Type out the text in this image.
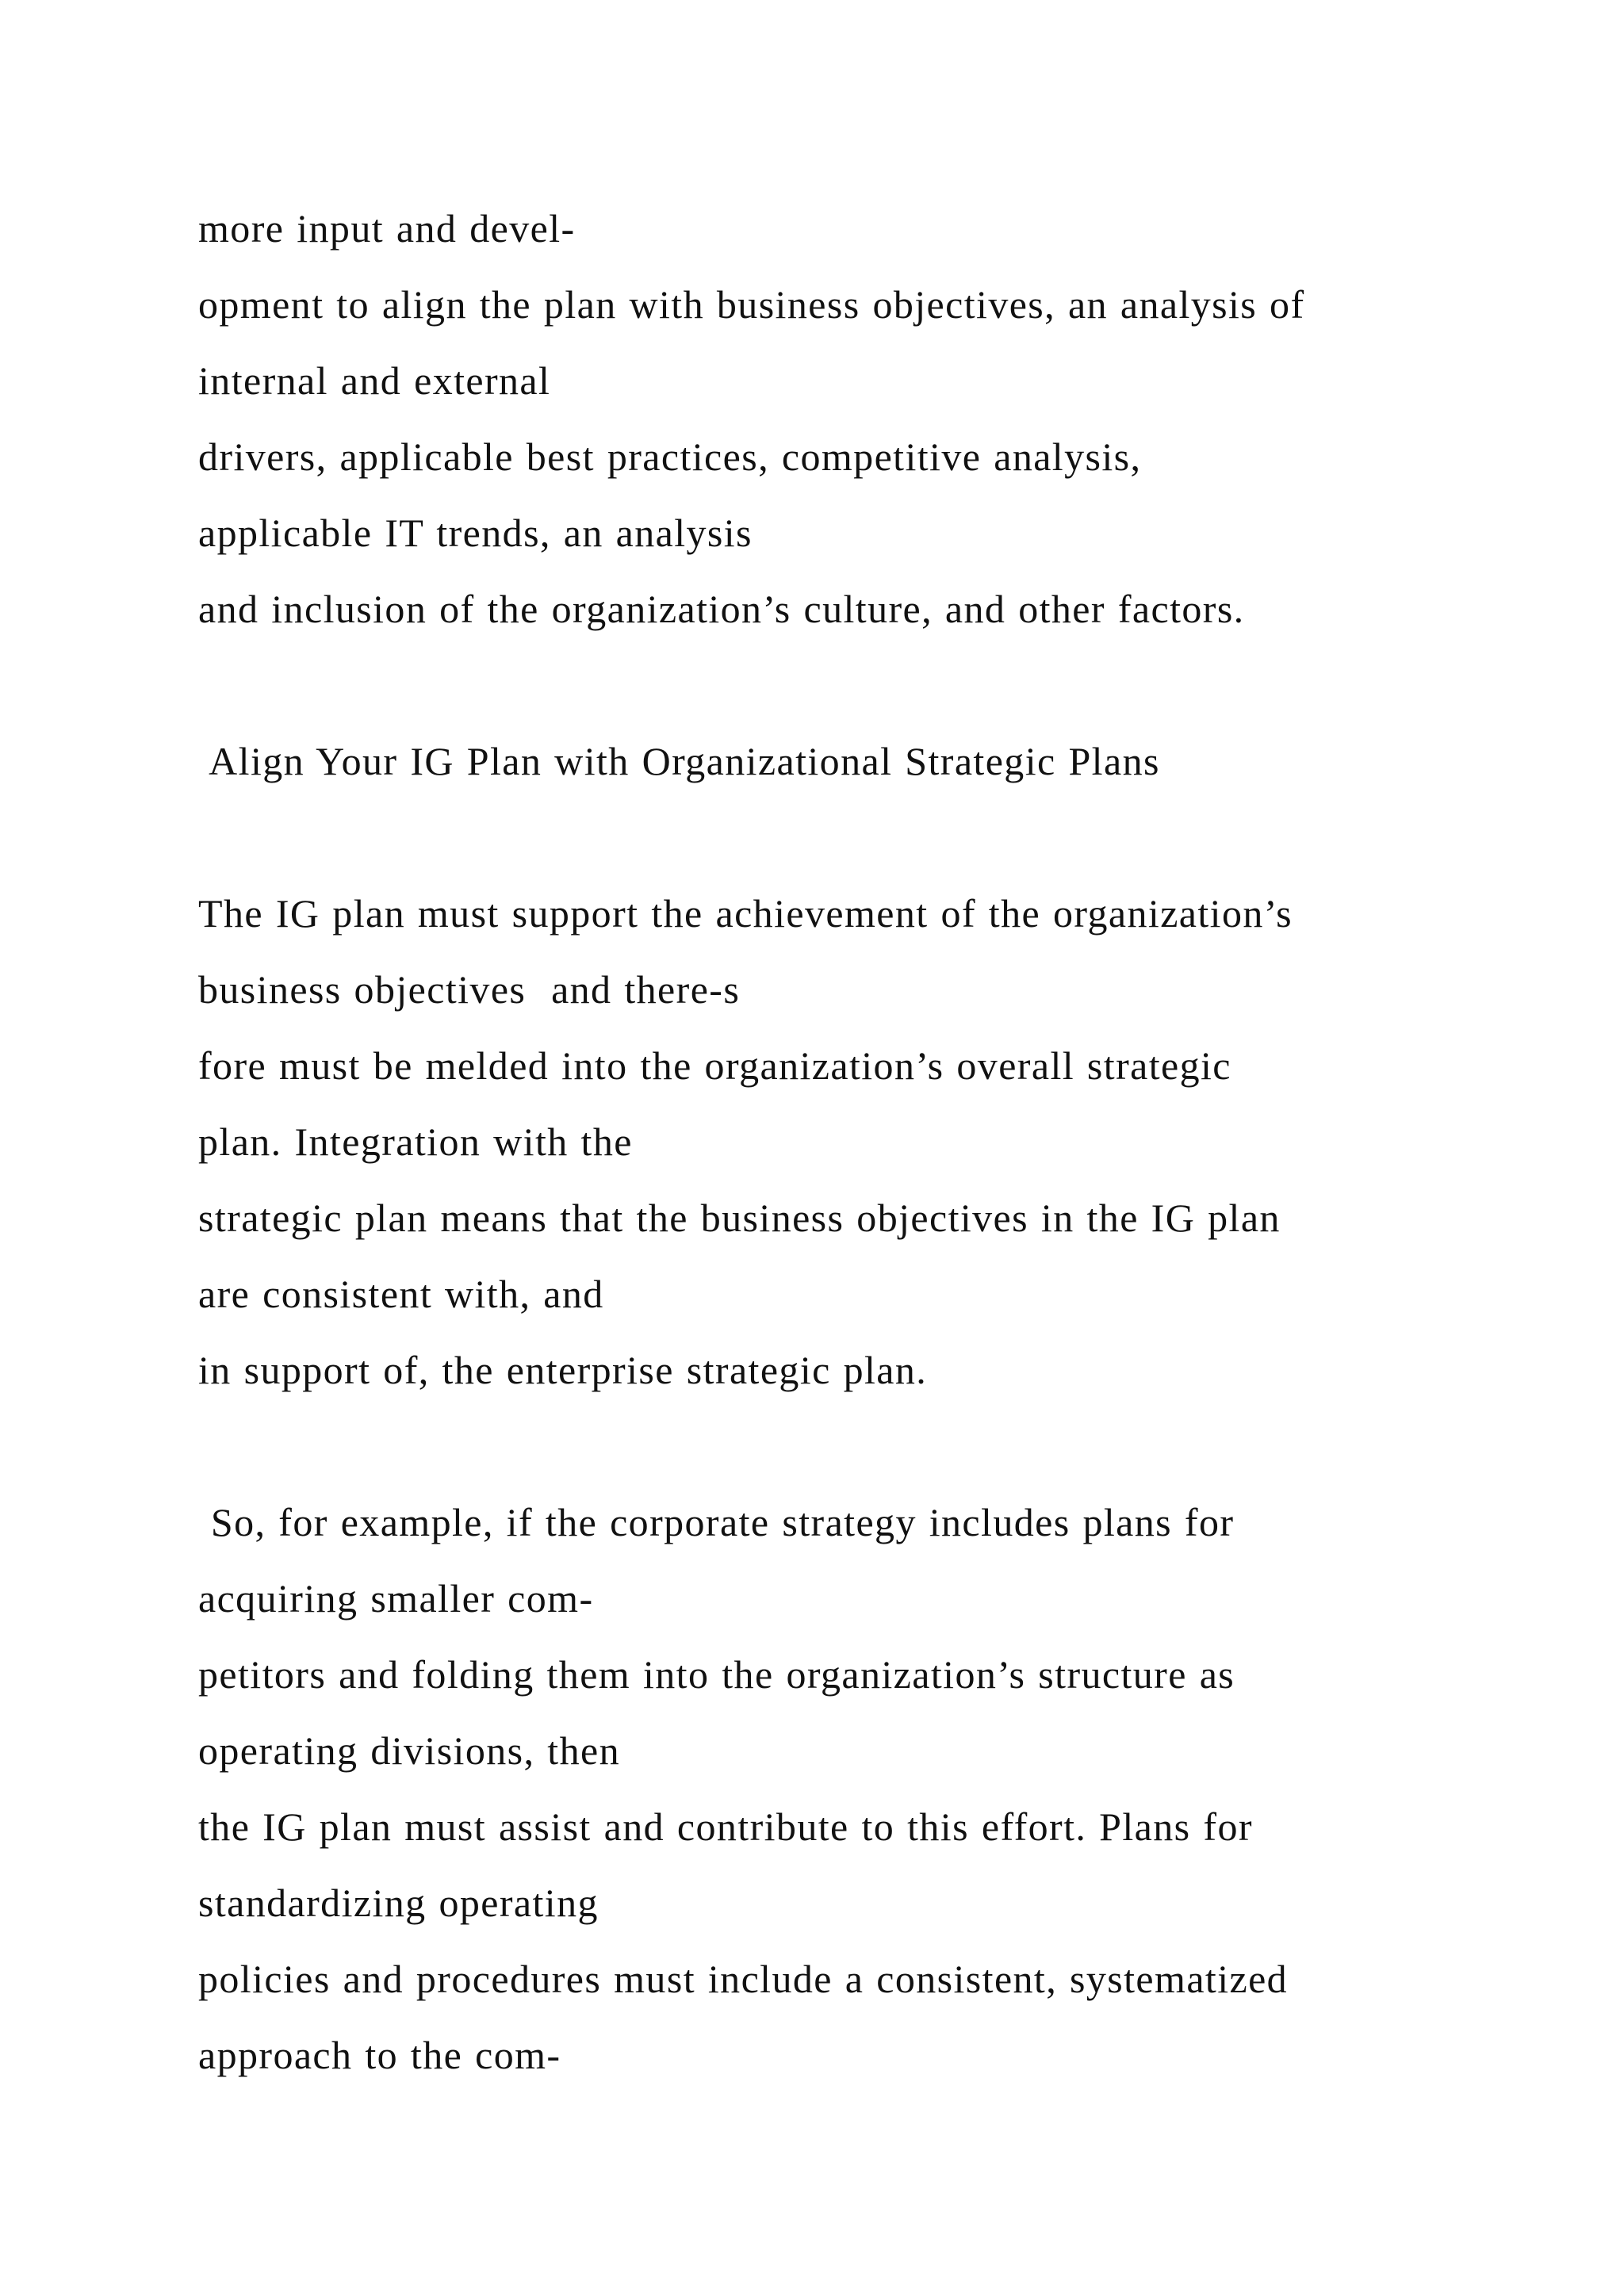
more input and devel-
opment to align the plan with business objectives, an analysis of
internal and external
drivers, applicable best practices, competitive analysis,
applicable IT trends, an analysis
and inclusion of the organization’s culture, and other factors.
Align Your IG Plan with Organizational Strategic Plans
The IG plan must support the achievement of the organization’s
business objectives  and there-s
fore must be melded into the organization’s overall strategic
plan. Integration with the
strategic plan means that the business objectives in the IG plan
are consistent with, and
in support of, the enterprise strategic plan.
So, for example, if the corporate strategy includes plans for
acquiring smaller com-
petitors and folding them into the organization’s structure as
operating divisions, then
the IG plan must assist and contribute to this effort. Plans for
standardizing operating
policies and procedures must include a consistent, systematized
approach to the com-
